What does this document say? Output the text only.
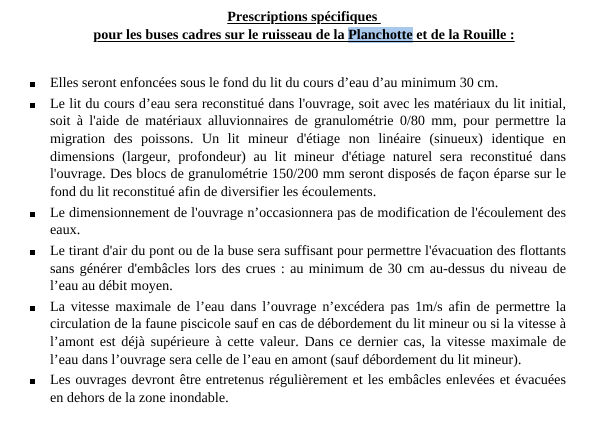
Prescriptions spécifiques
pour les buses cadres sur le ruisseau de la Planchotte et de la Rouille :
Elles seront enfoncées sous le fond du lit du cours d’eau d’au minimum 30 cm.
Le lit du cours d’eau sera reconstitué dans l'ouvrage, soit avec les matériaux du lit initial, soit à l'aide de matériaux alluvionnaires de granulométrie 0/80 mm, pour permettre la migration des poissons. Un lit mineur d'étiage non linéaire (sinueux) identique en dimensions (largeur, profondeur) au lit mineur d'étiage naturel sera reconstitué dans l'ouvrage. Des blocs de granulométrie 150/200 mm seront disposés de façon éparse sur le fond du lit reconstitué afin de diversifier les écoulements.
Le dimensionnement de l'ouvrage n’occasionnera pas de modification de l'écoulement des eaux.
Le tirant d'air du pont ou de la buse sera suffisant pour permettre l'évacuation des flottants sans générer d'embâcles lors des crues : au minimum de 30 cm au-dessus du niveau de l’eau au débit moyen.
La vitesse maximale de l’eau dans l’ouvrage n’excédera pas 1m/s afin de permettre la circulation de la faune piscicole sauf en cas de débordement du lit mineur ou si la vitesse à l’amont est déjà supérieure à cette valeur. Dans ce dernier cas, la vitesse maximale de l’eau dans l’ouvrage sera celle de l’eau en amont (sauf débordement du lit mineur).
Les ouvrages devront être entretenus régulièrement et les embâcles enlevées et évacuées en dehors de la zone inondable.
